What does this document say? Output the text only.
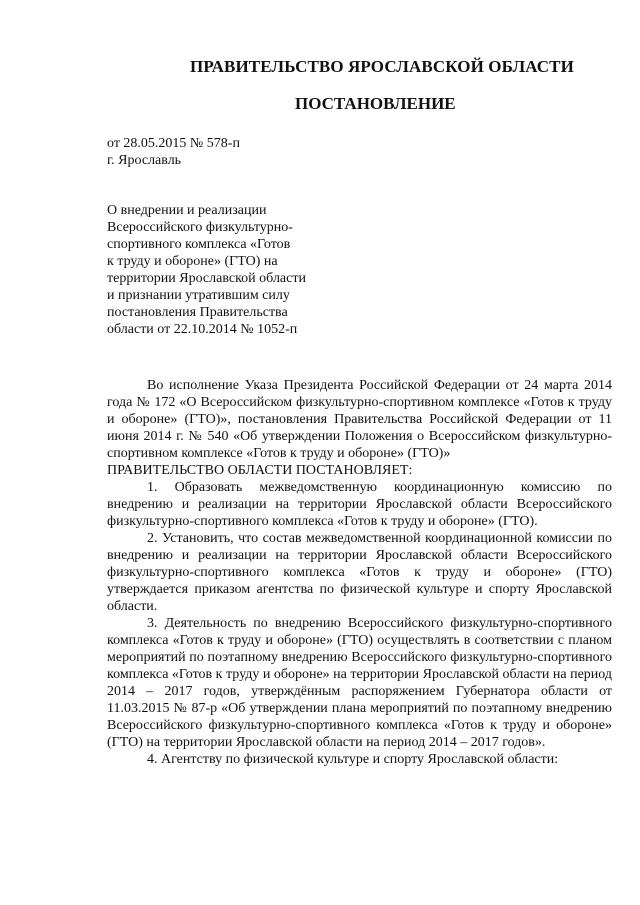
ПРАВИТЕЛЬСТВО ЯРОСЛАВСКОЙ ОБЛАСТИ
ПОСТАНОВЛЕНИЕ
от 28.05.2015 № 578-п
г. Ярославль
О внедрении и реализации
Всероссийского физкультурно-
спортивного комплекса «Готов
к труду и обороне» (ГТО) на
территории Ярославской области
и признании утратившим силу
постановления Правительства
области от 22.10.2014 № 1052-п

Во исполнение Указа Президента Российской Федерации от 24 марта 2014 года № 172 «О Всероссийском физкультурно-спортивном комплексе «Готов к труду и обороне» (ГТО)», постановления Правительства Российской Федерации от 11 июня 2014 г. № 540 «Об утверждении Положения о Всероссийском физкультурно-спортивном комплексе «Готов к труду и обороне» (ГТО)»

ПРАВИТЕЛЬСТВО ОБЛАСТИ ПОСТАНОВЛЯЕТ:

1. Образовать межведомственную координационную комиссию по внедрению и реализации на территории Ярославской области Всероссийского физкультурно-спортивного комплекса «Готов к труду и обороне» (ГТО).

2. Установить, что состав межведомственной координационной комиссии по внедрению и реализации на территории Ярославской области Всероссийского физкультурно-спортивного комплекса «Готов к труду и обороне» (ГТО) утверждается приказом агентства по физической культуре и спорту Ярославской области.

3. Деятельность по внедрению Всероссийского физкультурно-спортивного комплекса «Готов к труду и обороне» (ГТО) осуществлять в соответствии с планом мероприятий по поэтапному внедрению Всероссийского физкультурно-спортивного комплекса «Готов к труду и обороне» на территории Ярославской области на период 2014 – 2017 годов, утверждённым распоряжением Губернатора области от 11.03.2015 № 87-р «Об утверждении плана мероприятий по поэтапному внедрению Всероссийского физкультурно-спортивного комплекса «Готов к труду и обороне» (ГТО) на территории Ярославской области на период 2014 – 2017 годов».

4. Агентству по физической культуре и спорту Ярославской области:
